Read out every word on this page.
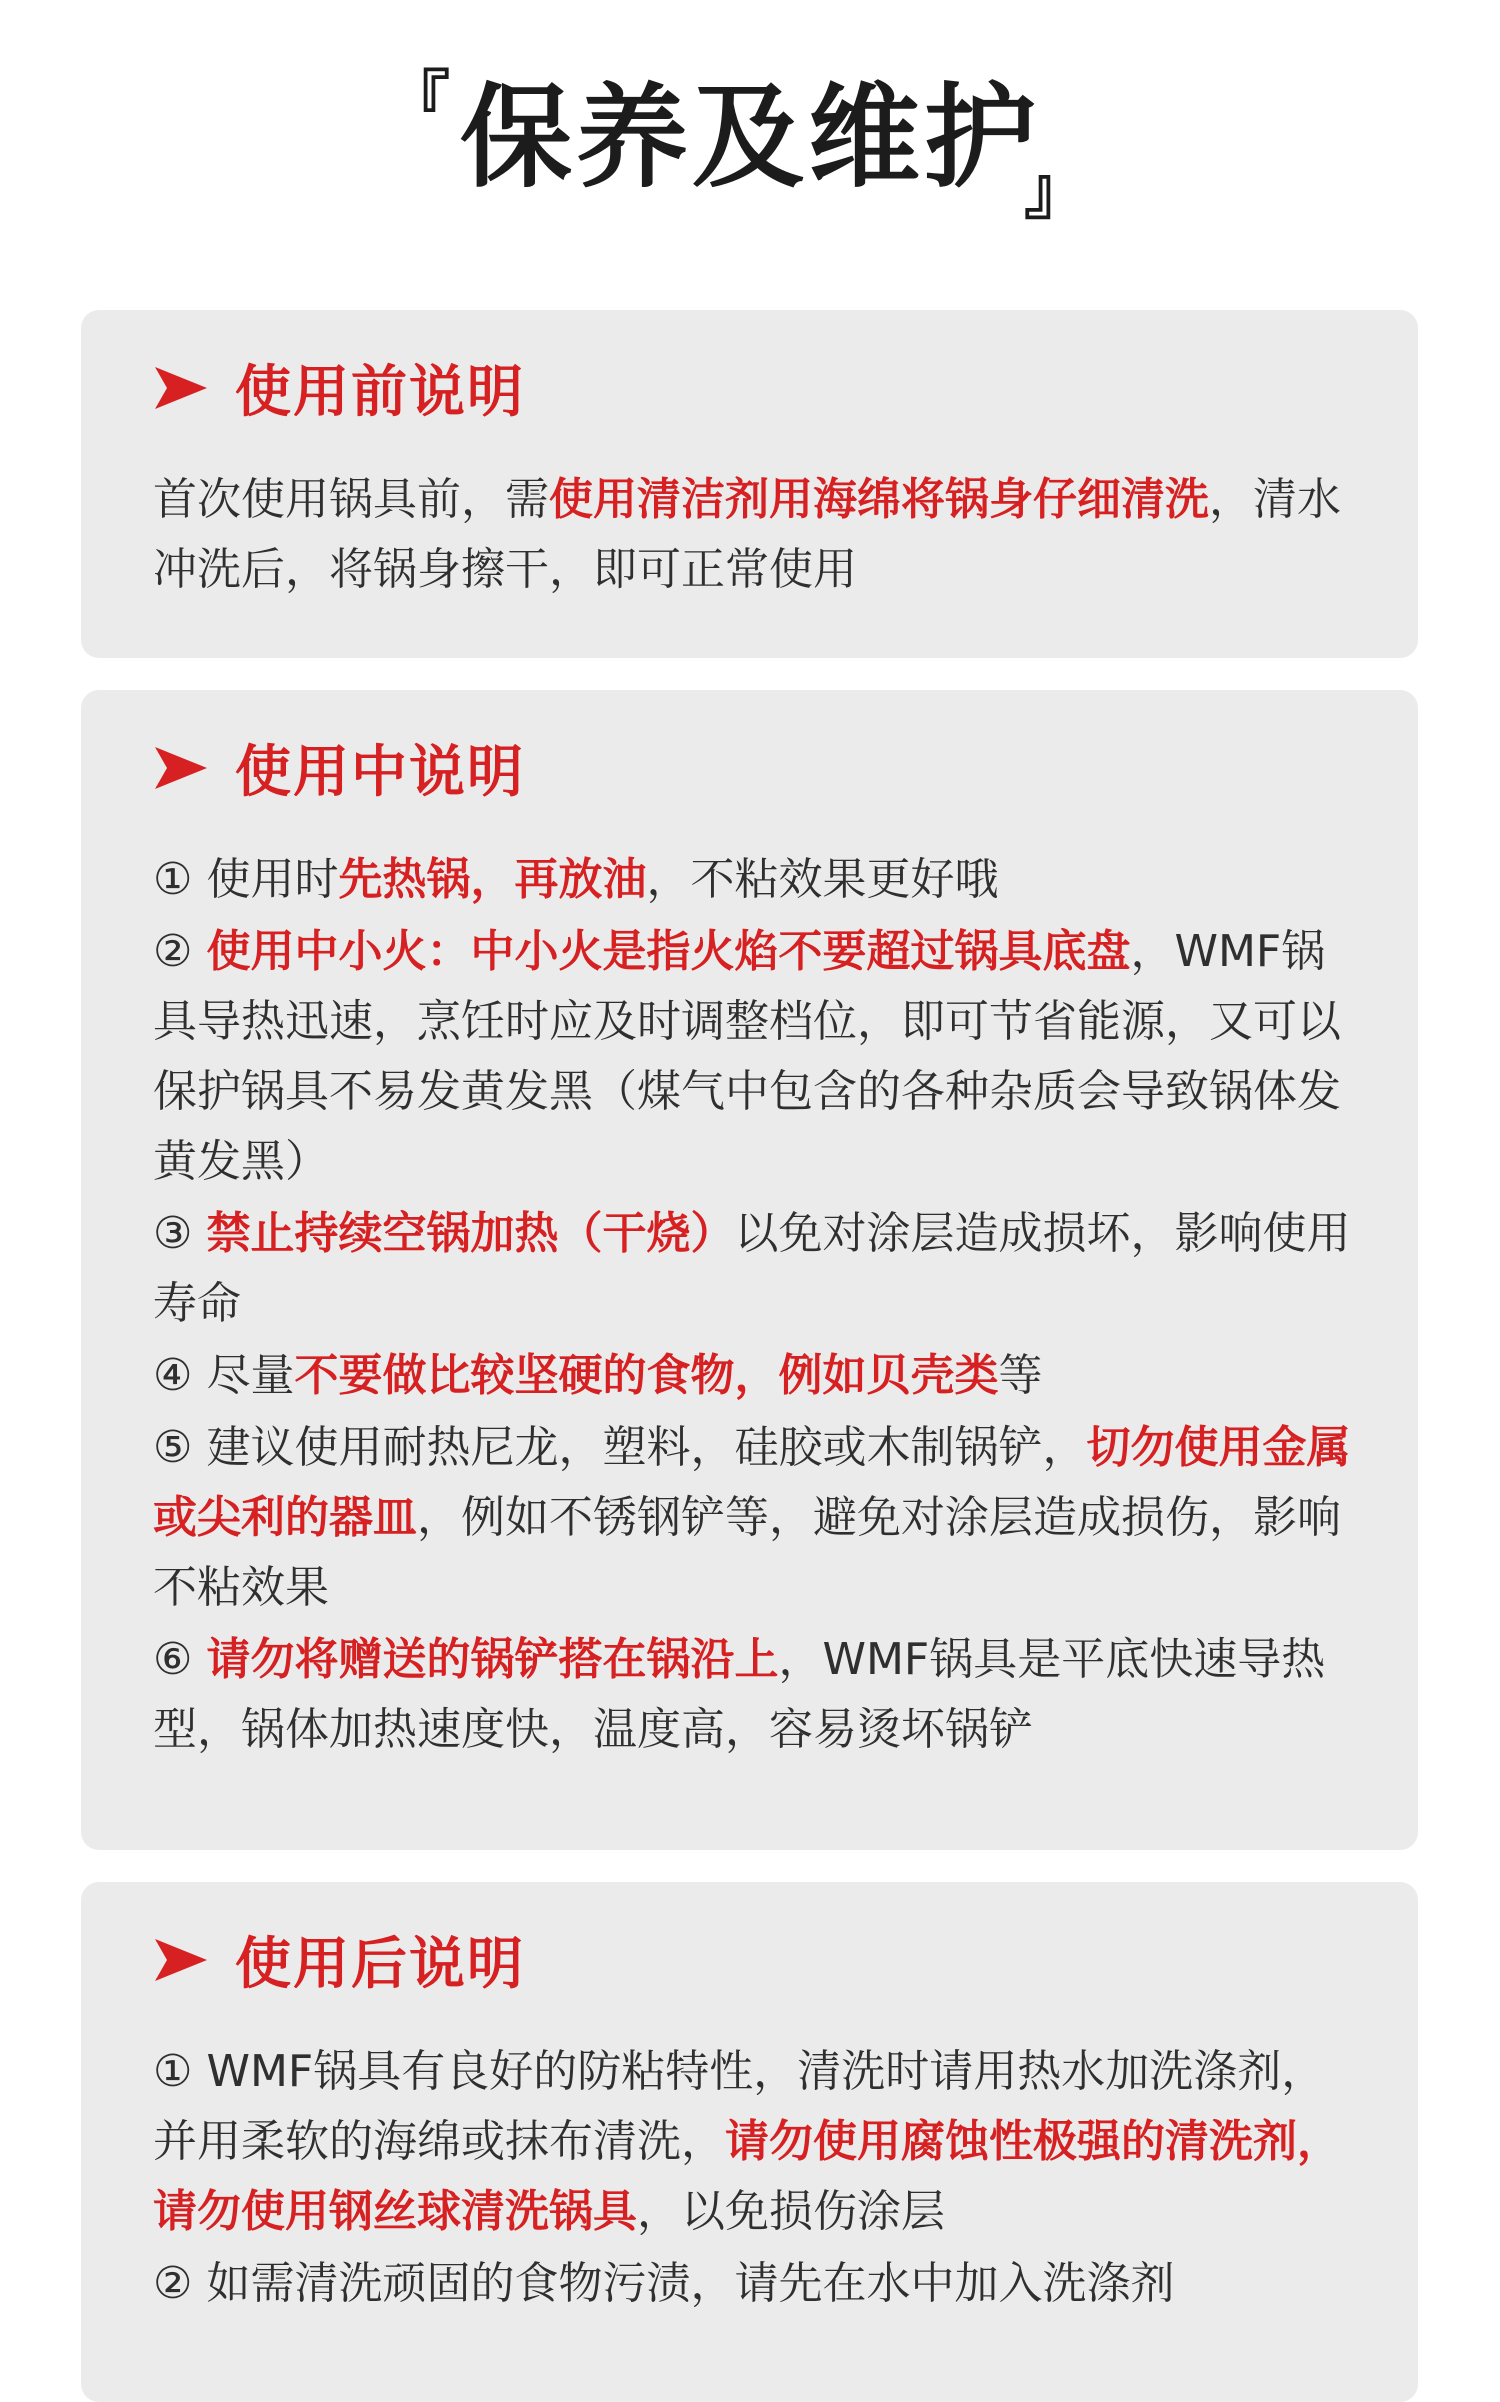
『 保养及维护
』
使用前说明
首次使用锅具前，需使用清洁剂用海绵将锅身仔细清洗，清水冲洗后，将锅身擦干，即可正常使用
使用中说明
① 使用时先热锅，再放油，不粘效果更好哦
② 使用中小火：中小火是指火焰不要超过锅具底盘，WMF锅具导热迅速，烹饪时应及时调整档位，即可节省能源，又可以保护锅具不易发黄发黑（煤气中包含的各种杂质会导致锅体发黄发黑）
③ 禁止持续空锅加热（干烧）以免对涂层造成损坏，影响使用寿命
④ 尽量不要做比较坚硬的食物，例如贝壳类等
⑤ 建议使用耐热尼龙，塑料，硅胶或木制锅铲，切勿使用金属或尖利的器皿，例如不锈钢铲等，避免对涂层造成损伤，影响不粘效果
⑥ 请勿将赠送的锅铲搭在锅沿上，WMF锅具是平底快速导热型，锅体加热速度快，温度高，容易烫坏锅铲
使用后说明
① WMF锅具有良好的防粘特性，清洗时请用热水加洗涤剂，并用柔软的海绵或抹布清洗，请勿使用腐蚀性极强的清洗剂，请勿使用钢丝球清洗锅具，以免损伤涂层
② 如需清洗顽固的食物污渍，请先在水中加入洗涤剂
